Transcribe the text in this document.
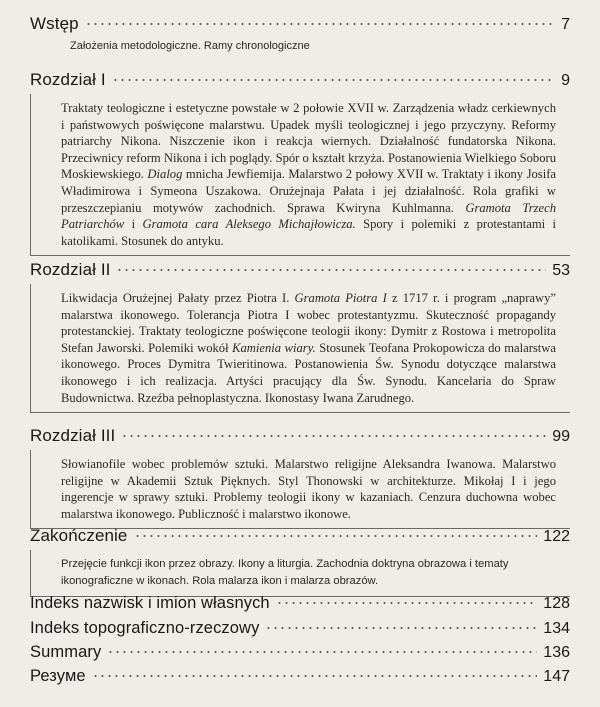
Wstęp	7
Założenia metodologiczne. Ramy chronologiczne
Rozdział I	9
Traktaty teologiczne i estetyczne powstałe w 2 połowie XVII w. Zarządzenia władz cerkiewnych i państwowych poświęcone malarstwu. Upadek myśli teologicznej i jego przyczyny. Reformy patriarchy Nikona. Niszczenie ikon i reakcja wiernych. Działalność fundatorska Nikona. Przeciwnicy reform Nikona i ich poglądy. Spór o kształt krzyża. Postanowienia Wielkiego Soboru Moskiewskiego. Dialog mnicha Jewfiemija. Malarstwo 2 połowy XVII w. Traktaty i ikony Josifa Władimirowa i Symeona Uszakowa. Orużejnaja Pałata i jej działalność. Rola grafiki w przeszczepianiu motywów zachodnich. Sprawa Kwiryna Kuhlmanna. Gramota Trzech Patriarchów i Gramota cara Aleksego Michajłowicza. Spory i polemiki z protestantami i katolikami. Stosunek do antyku.
Rozdział II	53
Likwidacja Orużejnej Pałaty przez Piotra I. Gramota Piotra I z 1717 r. i program „naprawy” malarstwa ikonowego. Tolerancja Piotra I wobec protestantyzmu. Skuteczność propagandy protestanckiej. Traktaty teologiczne poświęcone teologii ikony: Dymitr z Rostowa i metropolita Stefan Jaworski. Polemiki wokół Kamienia wiary. Stosunek Teofana Prokopowicza do malarstwa ikonowego. Proces Dymitra Twieritinowa. Postanowienia Św. Synodu dotyczące malarstwa ikonowego i ich realizacja. Artyści pracujący dla Św. Synodu. Kancelaria do Spraw Budownictwa. Rzeźba pełnoplastyczna. Ikonostasy Iwana Zarudnego.
Rozdział III	99
Słowianofile wobec problemów sztuki. Malarstwo religijne Aleksandra Iwanowa. Malarstwo religijne w Akademii Sztuk Pięknych. Styl Thonowski w architekturze. Mikołaj I i jego ingerencje w sprawy sztuki. Problemy teologii ikony w kazaniach. Cenzura duchowna wobec malarstwa ikonowego. Publiczność i malarstwo ikonowe.
Zakończenie	122
Przejęcie funkcji ikon przez obrazy. Ikony a liturgia. Zachodnia doktryna obrazowa i tematy ikonograficzne w ikonach. Rola malarza ikon i malarza obrazów.
Indeks nazwisk i imion własnych	128
Indeks topograficzno-rzeczowy	134
Summary	136
Резуме	147
